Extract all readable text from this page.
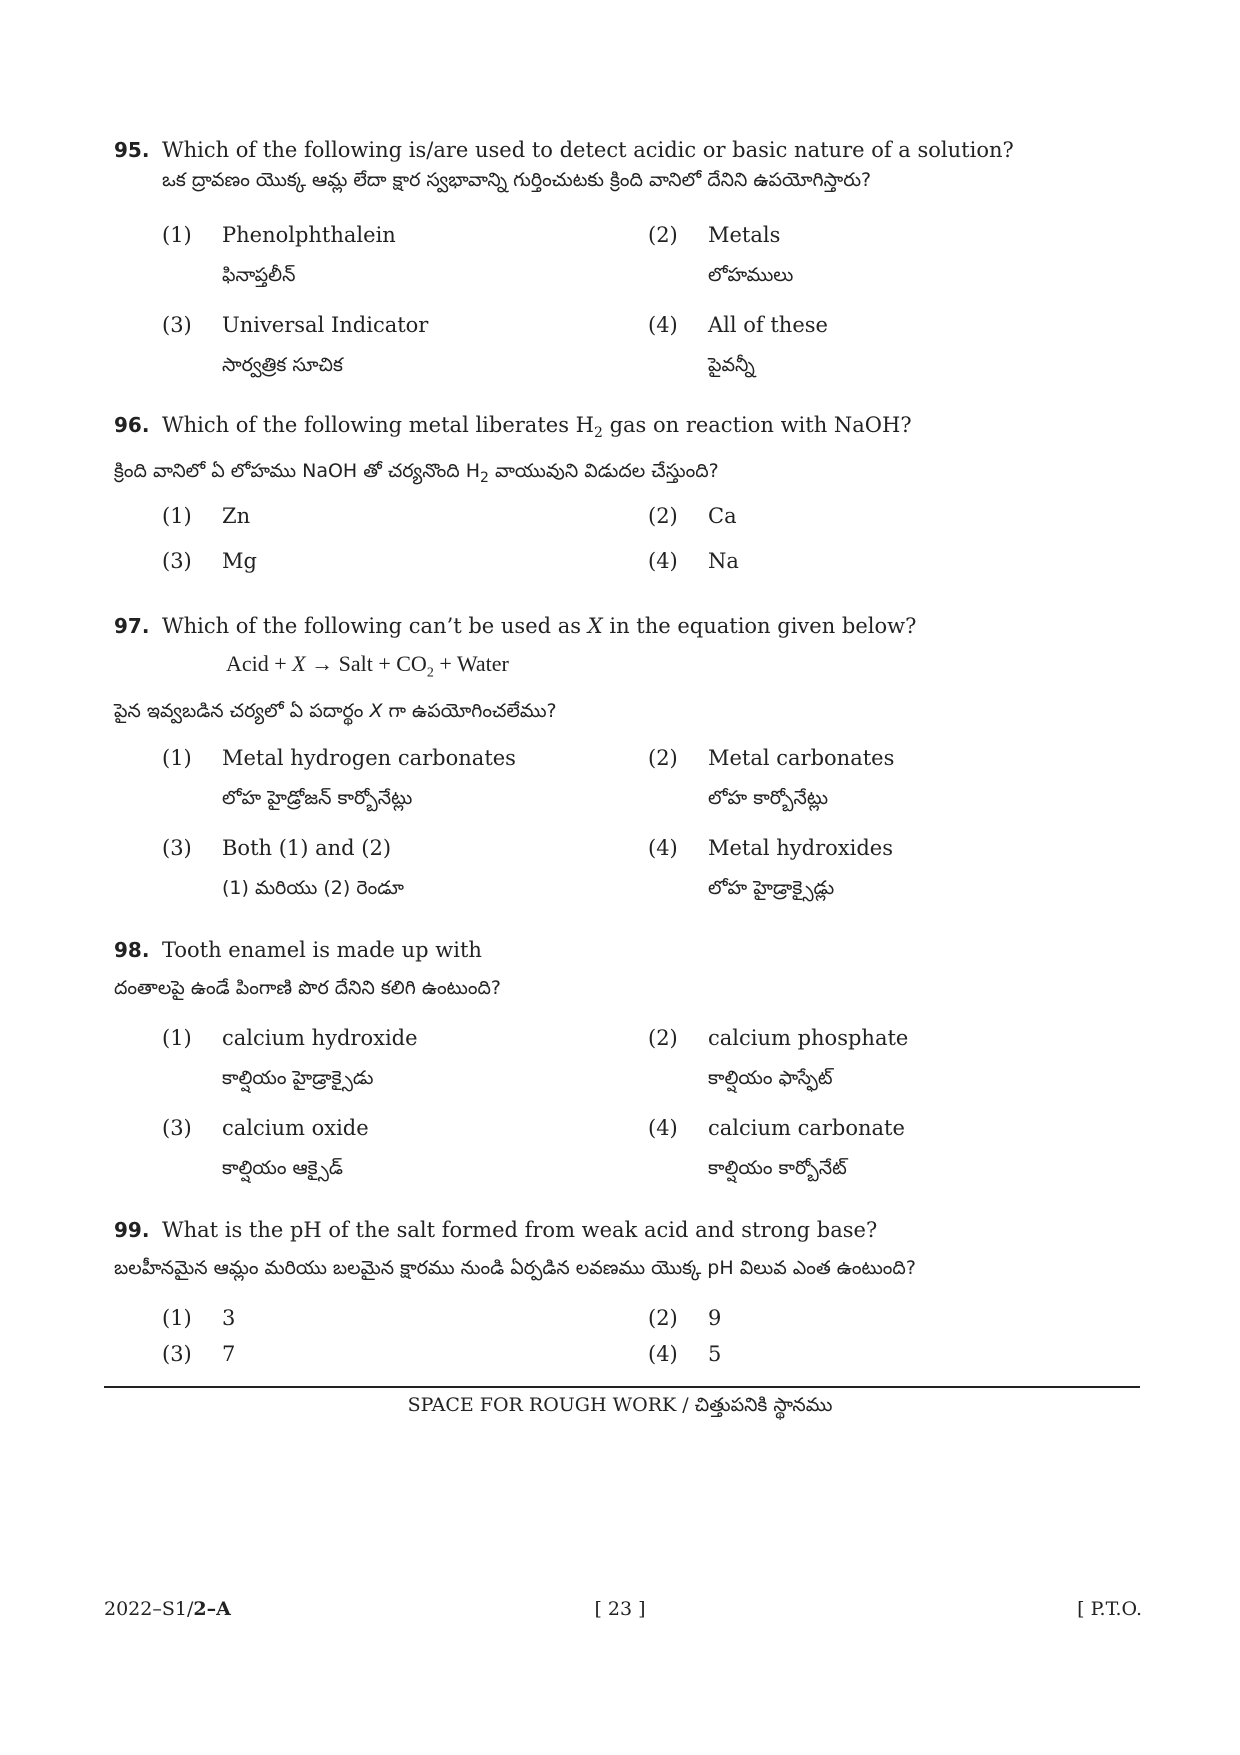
95. Which of the following is/are used to detect acidic or basic nature of a solution?
ఒక ద్రావణం యొక్క ఆమ్ల లేదా క్షార స్వభావాన్ని గుర్తించుటకు క్రింది వానిలో దేనిని ఉపయోగిస్తారు?
(1) Phenolphthalein
ఫినాప్తలీన్
(2) Metals
లోహములు
(3) Universal Indicator
సార్వత్రిక సూచిక
(4) All of these
పైవన్నీ
96. Which of the following metal liberates $H_2$ gas on reaction with NaOH?
క్రింది వానిలో ఏ లోహము NaOH తో చర్యనొంది $H_2$ వాయువుని విడుదల చేస్తుంది?
(1) Zn	(2) Ca
(3) Mg	(4) Na
97. Which of the following can’t be used as X in the equation given below?
Acid + X → Salt + $CO_2$ + Water
పైన ఇవ్వబడిన చర్యలో ఏ పదార్థం X గా ఉపయోగించలేము?
(1) Metal hydrogen carbonates
లోహ హైడ్రోజన్ కార్బోనేట్లు
(2) Metal carbonates
లోహ కార్బోనేట్లు
(3) Both (1) and (2)
(1) మరియు (2) రెండూ
(4) Metal hydroxides
లోహ హైడ్రాక్సైడ్లు
98. Tooth enamel is made up with
దంతాలపై ఉండే పింగాణి పొర దేనిని కలిగి ఉంటుంది?
(1) calcium hydroxide
కాల్షియం హైడ్రాక్సైడు
(2) calcium phosphate
కాల్షియం ఫాస్ఫేట్
(3) calcium oxide
కాల్షియం ఆక్సైడ్
(4) calcium carbonate
కాల్షియం కార్బోనేట్
99. What is the pH of the salt formed from weak acid and strong base?
బలహీనమైన ఆమ్లం మరియు బలమైన క్షారము నుండి ఏర్పడిన లవణము యొక్క pH విలువ ఎంత ఉంటుంది?
(1) 3	(2) 9
(3) 7	(4) 5
SPACE FOR ROUGH WORK / చిత్తుపనికి స్థానము
2022–S1/2–A	[ 23 ]	[ P.T.O.
